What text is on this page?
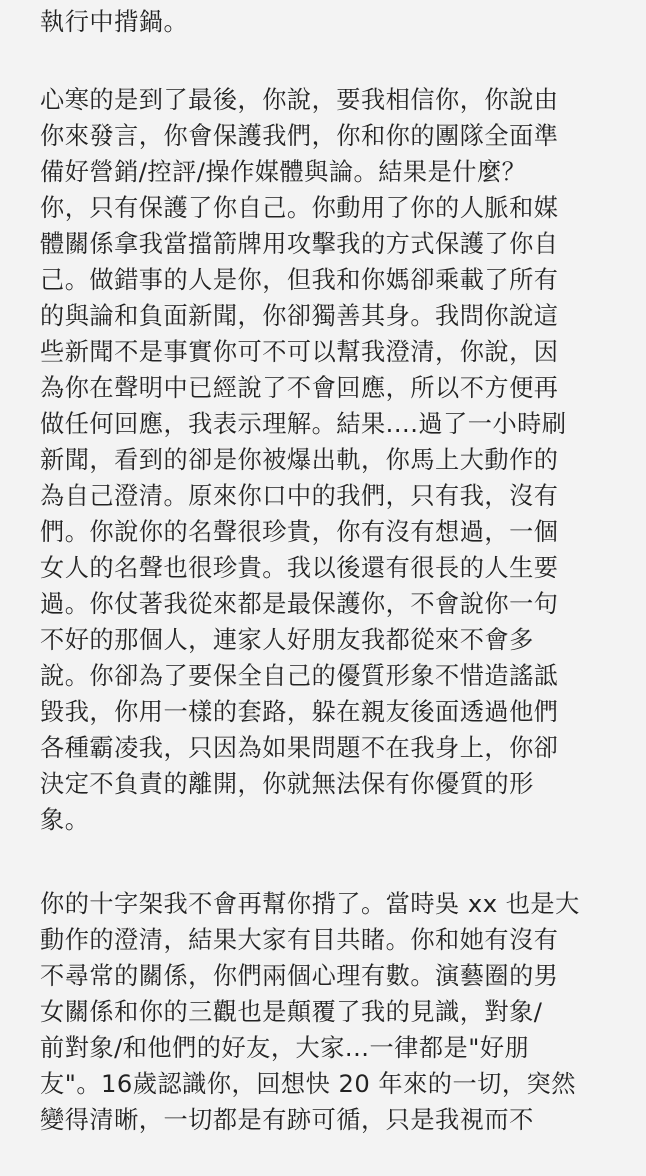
執行中揹鍋。
心寒的是到了最後，你說，要我相信你，你說由
你來發言，你會保護我們，你和你的團隊全面準
備好營銷/控評/操作媒體與論。結果是什麼？
你，只有保護了你自己。你動用了你的人脈和媒
體關係拿我當擋箭牌用攻擊我的方式保護了你自
己。做錯事的人是你，但我和你媽卻乘載了所有
的與論和負面新聞，你卻獨善其身。我問你說這
些新聞不是事實你可不可以幫我澄清，你說，因
為你在聲明中已經說了不會回應，所以不方便再
做任何回應，我表示理解。結果....過了一小時刷
新聞，看到的卻是你被爆出軌，你馬上大動作的
為自己澄清。原來你口中的我們，只有我，沒有
們。你說你的名聲很珍貴，你有沒有想過，一個
女人的名聲也很珍貴。我以後還有很長的人生要
過。你仗著我從來都是最保護你，不會說你一句
不好的那個人，連家人好朋友我都從來不會多
說。你卻為了要保全自己的優質形象不惜造謠詆
毀我，你用一樣的套路，躲在親友後面透過他們
各種霸凌我，只因為如果問題不在我身上，你卻
決定不負責的離開，你就無法保有你優質的形
象。
你的十字架我不會再幫你揹了。當時吳 xx 也是大
動作的澄清，結果大家有目共睹。你和她有沒有
不尋常的關係，你們兩個心理有數。演藝圈的男
女關係和你的三觀也是顛覆了我的見識，對象/
前對象/和他們的好友，大家...一律都是"好朋
友"。16歲認識你，回想快 20 年來的一切，突然
變得清晰，一切都是有跡可循，只是我視而不
